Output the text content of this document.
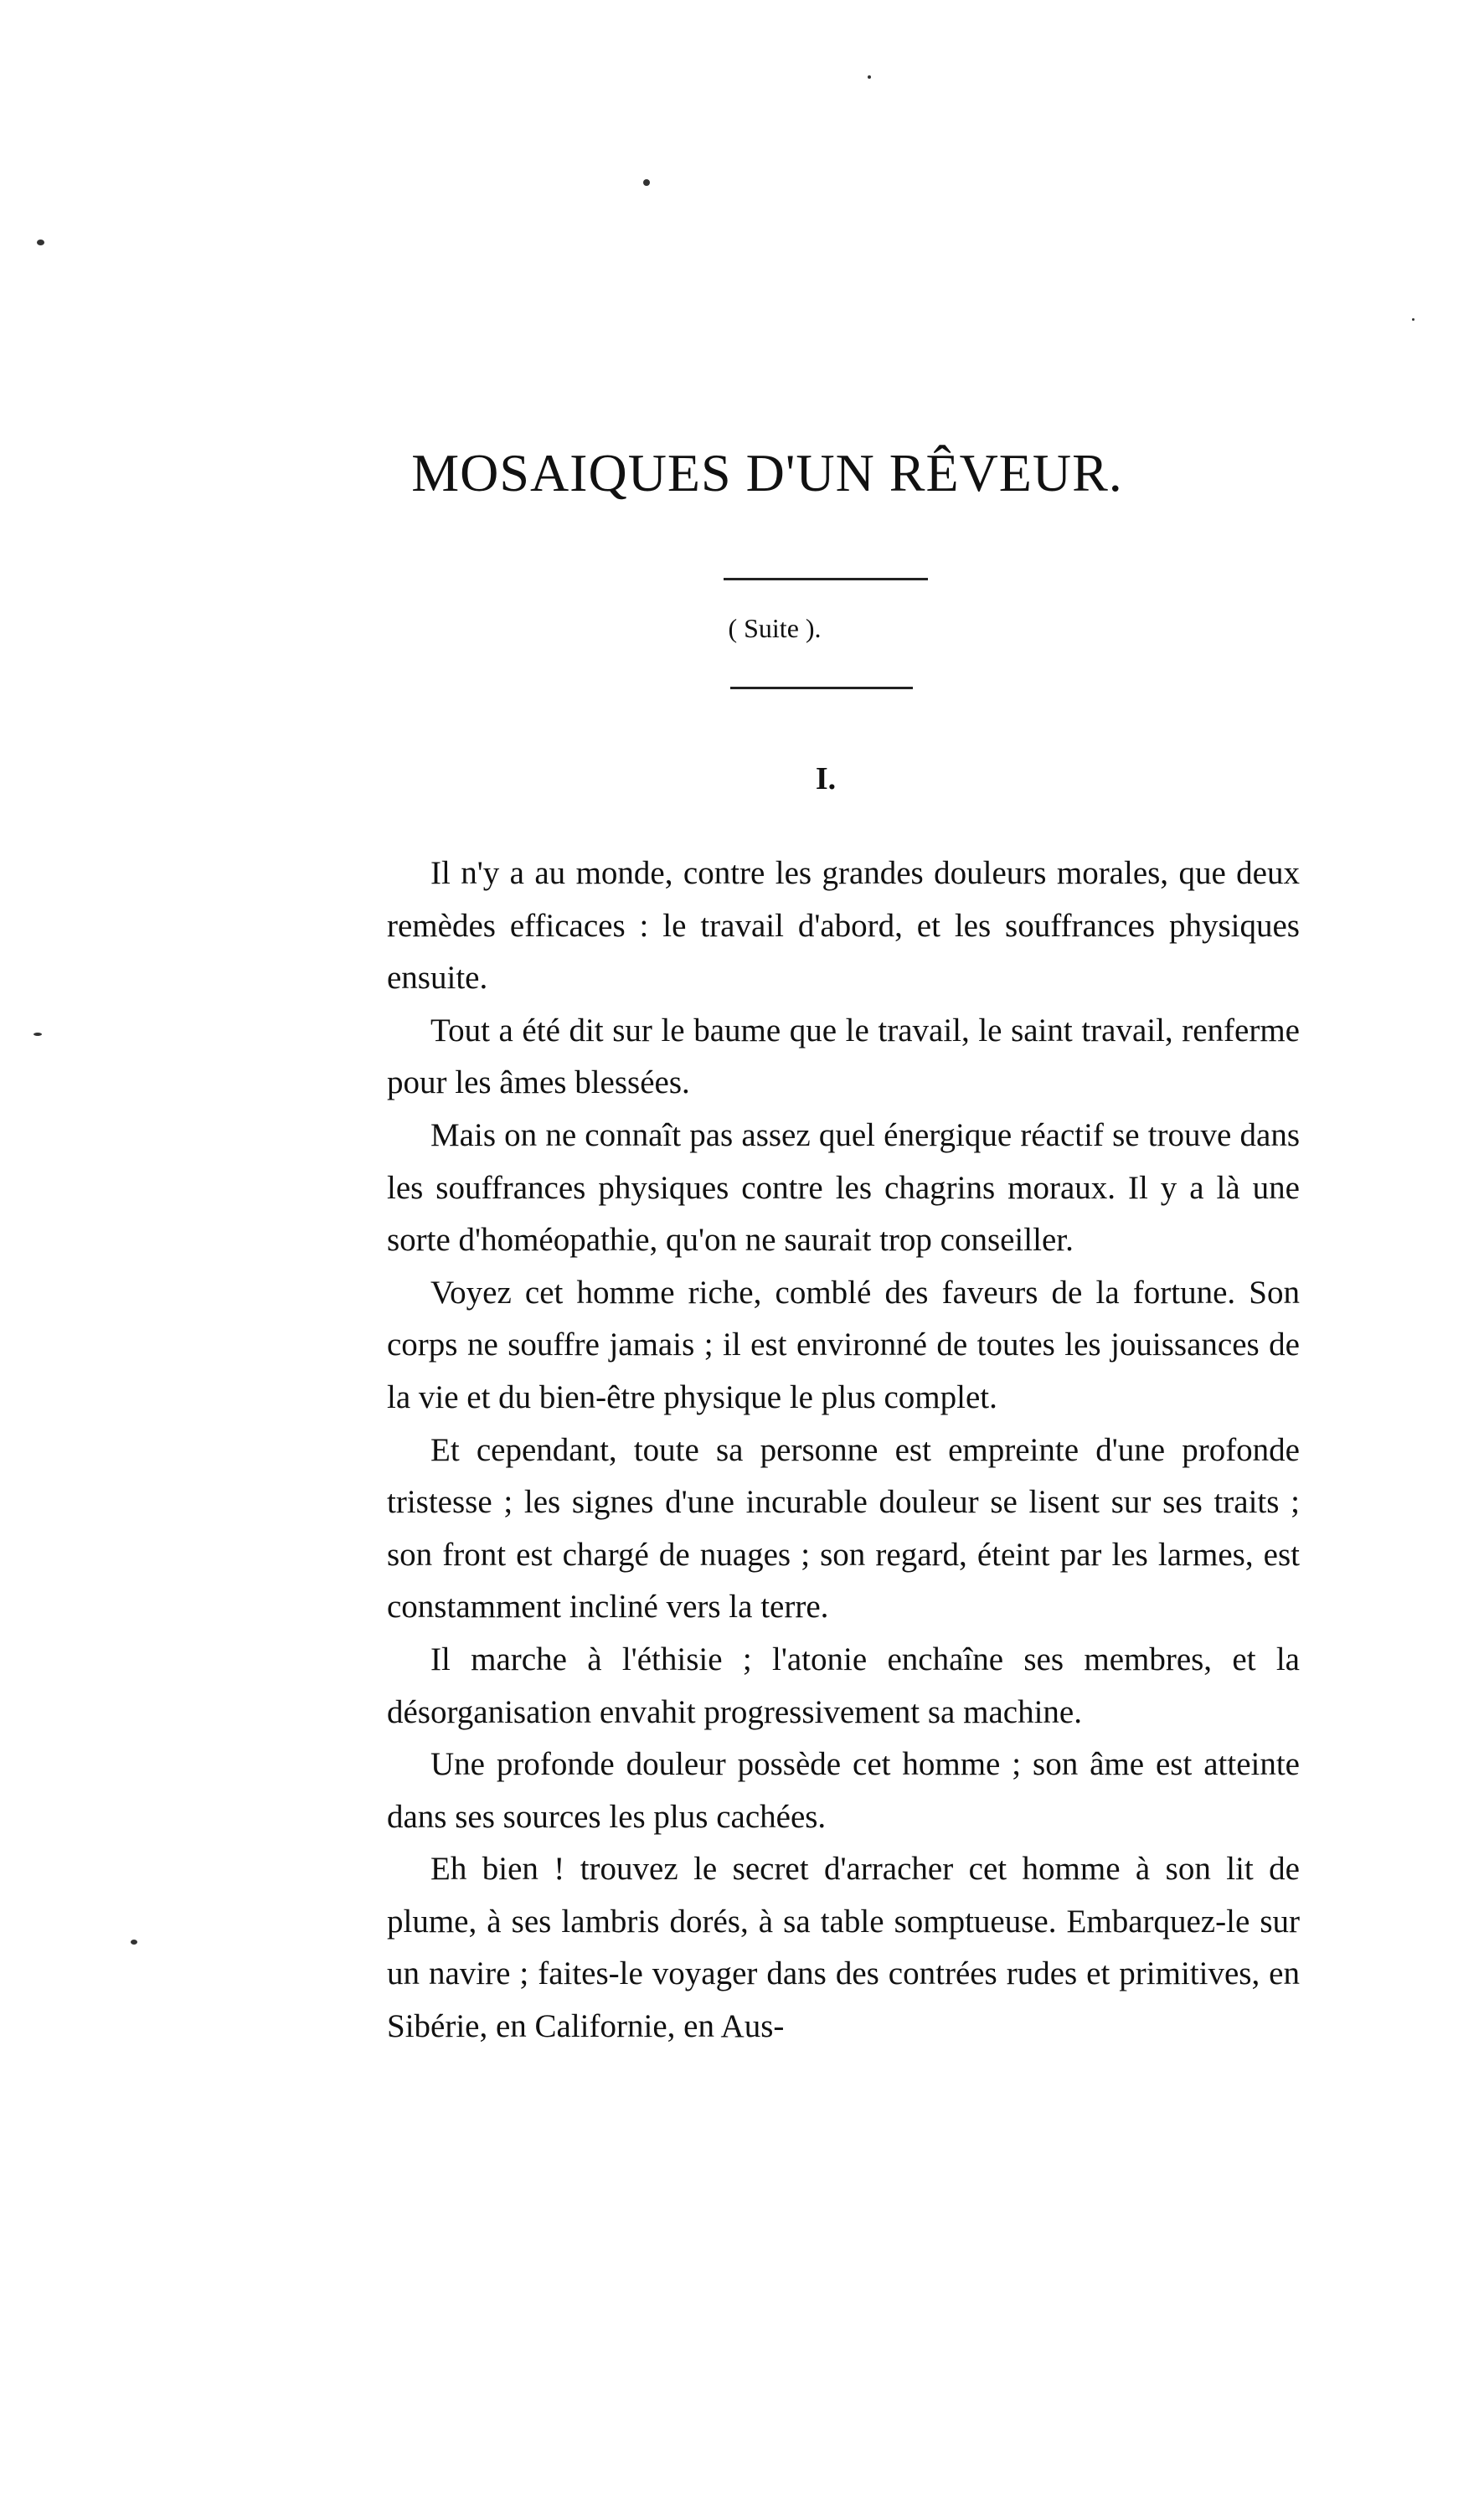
MOSAIQUES D'UN RÊVEUR.
( Suite ).
I.

Il n'y a au monde, contre les grandes douleurs morales, que deux remèdes efficaces : le travail d'abord, et les souffrances physiques ensuite.

Tout a été dit sur le baume que le travail, le saint travail, renferme pour les âmes blessées.

Mais on ne connaît pas assez quel énergique réactif se trouve dans les souffrances physiques contre les chagrins moraux. Il y a là une sorte d'homéopathie, qu'on ne saurait trop conseiller.

Voyez cet homme riche, comblé des faveurs de la fortune. Son corps ne souffre jamais ; il est environné de toutes les jouissances de la vie et du bien-être physique le plus complet.

Et cependant, toute sa personne est empreinte d'une profonde tristesse ; les signes d'une incurable douleur se lisent sur ses traits ; son front est chargé de nuages ; son regard, éteint par les larmes, est constamment incliné vers la terre.

Il marche à l'éthisie ; l'atonie enchaîne ses membres, et la désorganisation envahit progressivement sa machine.

Une profonde douleur possède cet homme ; son âme est atteinte dans ses sources les plus cachées.

Eh bien ! trouvez le secret d'arracher cet homme à son lit de plume, à ses lambris dorés, à sa table somptueuse. Embarquez-le sur un navire ; faites-le voyager dans des contrées rudes et primitives, en Sibérie, en Californie, en Aus-
